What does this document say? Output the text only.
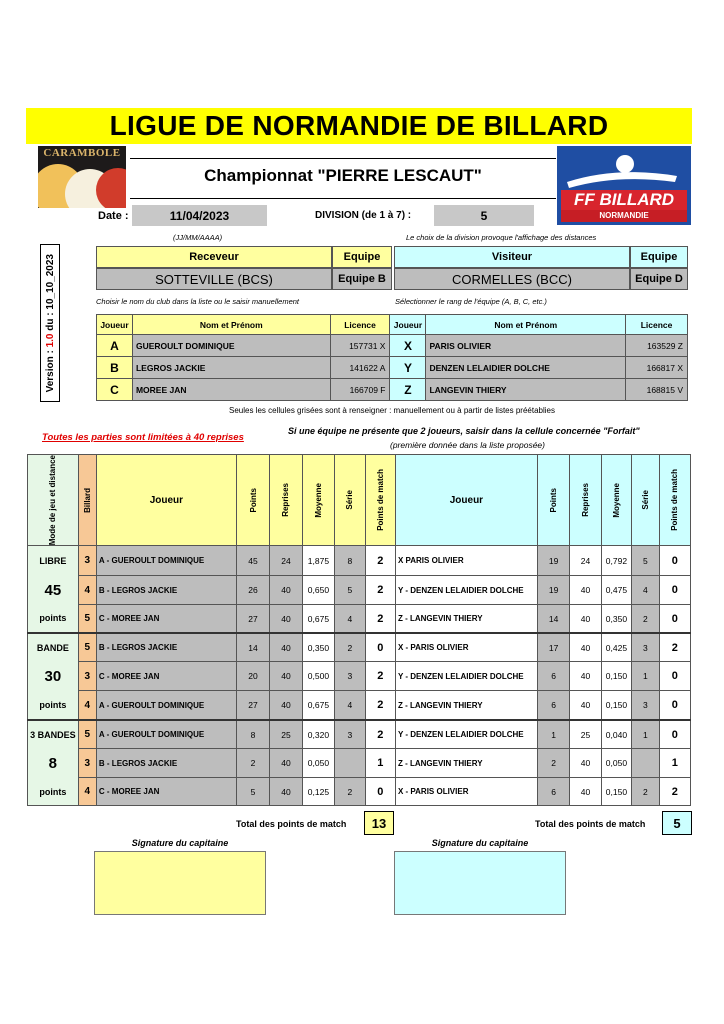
LIGUE DE NORMANDIE DE BILLARD
CARAMBOLE
FF BILLARD
NORMANDIE
Championnat "PIERRE LESCAUT"
Date :	11/04/2023	DIVISION (de 1 à 7) :	5
(JJ/MM/AAAA)	Le choix de la division provoque l'affichage des distances
Version : 1.0 du : 10_10_2023	Receveur	Equipe	Visiteur	Equipe
SOTTEVILLE (BCS)	Equipe B	CORMELLES (BCC)	Equipe D
Choisir le nom du club dans la liste ou le saisir manuellement	Sélectionner le rang de l'équipe (A, B, C, etc.)
Joueur	Nom et Prénom	Licence	Joueur	Nom et Prénom	Licence
A	GUEROULT DOMINIQUE	157731 X	X	PARIS OLIVIER	163529 Z
B	LEGROS JACKIE	141622 A	Y	DENZEN LELAIDIER DOLCHE	166817 X
C	MOREE JAN	166709 F	Z	LANGEVIN THIERY	168815 V
Seules les cellules grisées sont à renseigner : manuellement ou à partir de listes préétablies
Toutes les parties sont limitées à 40 reprises
Si une équipe ne présente que 2 joueurs, saisir dans la cellule concernée "Forfait"
(première donnée dans la liste proposée)
Mode de jeu et distance	Billard	Joueur	Points	Reprises	Moyenne	Série	Points de match	Joueur	Points	Reprises	Moyenne	Série	Points de match

LIBRE	3	A - GUEROULT DOMINIQUE	45	24	1,875	8	2	X PARIS OLIVIER	19	24	0,792	5	0
45	4	B - LEGROS JACKIE	26	40	0,650	5	2	Y - DENZEN LELAIDIER DOLCHE	19	40	0,475	4	0
points	5	C - MOREE JAN	27	40	0,675	4	2	Z - LANGEVIN THIERY	14	40	0,350	2	0
BANDE	5	B - LEGROS JACKIE	14	40	0,350	2	0	X - PARIS OLIVIER	17	40	0,425	3	2
30	3	C - MOREE JAN	20	40	0,500	3	2	Y - DENZEN LELAIDIER DOLCHE	6	40	0,150	1	0
points	4	A - GUEROULT DOMINIQUE	27	40	0,675	4	2	Z - LANGEVIN THIERY	6	40	0,150	3	0
3 BANDES	5	A - GUEROULT DOMINIQUE	8	25	0,320	3	2	Y - DENZEN LELAIDIER DOLCHE	1	25	0,040	1	0
8	3	B - LEGROS JACKIE	2	40	0,050		1	Z - LANGEVIN THIERY	2	40	0,050		1
points	4	C - MOREE JAN	5	40	0,125	2	0	X - PARIS OLIVIER	6	40	0,150	2	2
Total des points de match	13	Total des points de match	5
Signature du capitaine	Signature du capitaine
